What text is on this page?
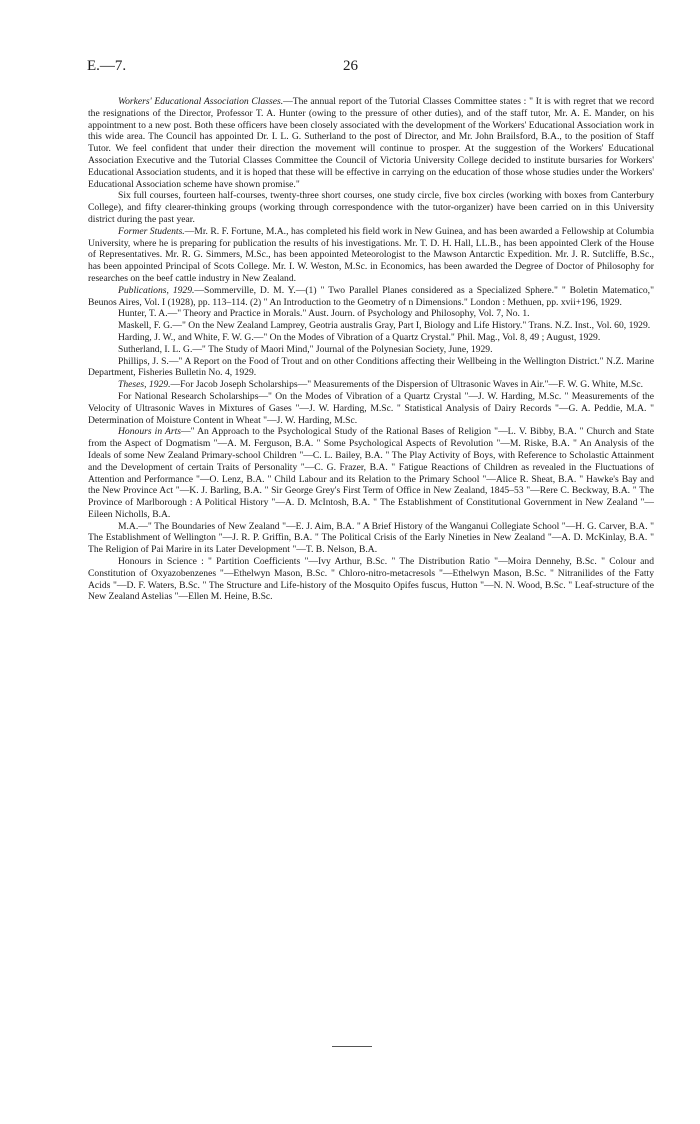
E.—7.	26

Workers' Educational Association Classes.—The annual report of the Tutorial Classes Committee states : " It is with regret that we record the resignations of the Director, Professor T. A. Hunter (owing to the pressure of other duties), and of the staff tutor, Mr. A. E. Mander, on his appointment to a new post. Both these officers have been closely associated with the development of the Workers' Educational Association work in this wide area. The Council has appointed Dr. I. L. G. Sutherland to the post of Director, and Mr. John Brailsford, B.A., to the position of Staff Tutor. We feel confident that under their direction the movement will continue to prosper. At the suggestion of the Workers' Educational Association Executive and the Tutorial Classes Committee the Council of Victoria University College decided to institute bursaries for Workers' Educational Association students, and it is hoped that these will be effective in carrying on the education of those whose studies under the Workers' Educational Association scheme have shown promise."

Six full courses, fourteen half-courses, twenty-three short courses, one study circle, five box circles (working with boxes from Canterbury College), and fifty clearer-thinking groups (working through correspondence with the tutor-organizer) have been carried on in this University district during the past year.

Former Students.—Mr. R. F. Fortune, M.A., has completed his field work in New Guinea, and has been awarded a Fellowship at Columbia University, where he is preparing for publication the results of his investigations. Mr. T. D. H. Hall, LL.B., has been appointed Clerk of the House of Representatives. Mr. R. G. Simmers, M.Sc., has been appointed Meteorologist to the Mawson Antarctic Expedition. Mr. J. R. Sutcliffe, B.Sc., has been appointed Principal of Scots College. Mr. I. W. Weston, M.Sc. in Economics, has been awarded the Degree of Doctor of Philosophy for researches on the beef cattle industry in New Zealand.

Publications, 1929.—Sommerville, D. M. Y.—(1) " Two Parallel Planes considered as a Specialized Sphere." " Boletin Matematico," Beunos Aires, Vol. I (1928), pp. 113–114. (2) " An Introduction to the Geometry of n Dimensions." London : Methuen, pp. xvii+196, 1929.

Hunter, T. A.—" Theory and Practice in Morals." Aust. Journ. of Psychology and Philosophy, Vol. 7, No. 1.

Maskell, F. G.—" On the New Zealand Lamprey, Geotria australis Gray, Part I, Biology and Life History." Trans. N.Z. Inst., Vol. 60, 1929.

Harding, J. W., and White, F. W. G.—" On the Modes of Vibration of a Quartz Crystal." Phil. Mag., Vol. 8, 49 ; August, 1929.

Sutherland, I. L. G.—" The Study of Maori Mind," Journal of the Polynesian Society, June, 1929.

Phillips, J. S.—" A Report on the Food of Trout and on other Conditions affecting their Wellbeing in the Wellington District." N.Z. Marine Department, Fisheries Bulletin No. 4, 1929.

Theses, 1929.—For Jacob Joseph Scholarships—" Measurements of the Dispersion of Ultrasonic Waves in Air."—F. W. G. White, M.Sc.

For National Research Scholarships—" On the Modes of Vibration of a Quartz Crystal "—J. W. Harding, M.Sc. " Measurements of the Velocity of Ultrasonic Waves in Mixtures of Gases "—J. W. Harding, M.Sc. " Statistical Analysis of Dairy Records "—G. A. Peddie, M.A. " Determination of Moisture Content in Wheat "—J. W. Harding, M.Sc.

Honours in Arts—" An Approach to the Psychological Study of the Rational Bases of Religion "—L. V. Bibby, B.A. " Church and State from the Aspect of Dogmatism "—A. M. Ferguson, B.A. " Some Psychological Aspects of Revolution "—M. Riske, B.A. " An Analysis of the Ideals of some New Zealand Primary-school Children "—C. L. Bailey, B.A. " The Play Activity of Boys, with Reference to Scholastic Attainment and the Development of certain Traits of Personality "—C. G. Frazer, B.A. " Fatigue Reactions of Children as revealed in the Fluctuations of Attention and Performance "—O. Lenz, B.A. " Child Labour and its Relation to the Primary School "—Alice R. Sheat, B.A. " Hawke's Bay and the New Province Act "—K. J. Barling, B.A. " Sir George Grey's First Term of Office in New Zealand, 1845–53 "—Rere C. Beckway, B.A. " The Province of Marlborough : A Political History "—A. D. McIntosh, B.A. " The Establishment of Constitutional Government in New Zealand "—Eileen Nicholls, B.A.

M.A.—" The Boundaries of New Zealand "—E. J. Aim, B.A. " A Brief History of the Wanganui Collegiate School "—H. G. Carver, B.A. " The Establishment of Wellington "—J. R. P. Griffin, B.A. " The Political Crisis of the Early Nineties in New Zealand "—A. D. McKinlay, B.A. " The Religion of Pai Marire in its Later Development "—T. B. Nelson, B.A.

Honours in Science : " Partition Coefficients "—Ivy Arthur, B.Sc. " The Distribution Ratio "—Moira Dennehy, B.Sc. " Colour and Constitution of Oxyazobenzenes "—Ethelwyn Mason, B.Sc. " Chloro-nitro-metacresols "—Ethelwyn Mason, B.Sc. " Nitranilides of the Fatty Acids "—D. F. Waters, B.Sc. " The Structure and Life-history of the Mosquito Opifes fuscus, Hutton "—N. N. Wood, B.Sc. " Leaf-structure of the New Zealand Astelias "—Ellen M. Heine, B.Sc.
